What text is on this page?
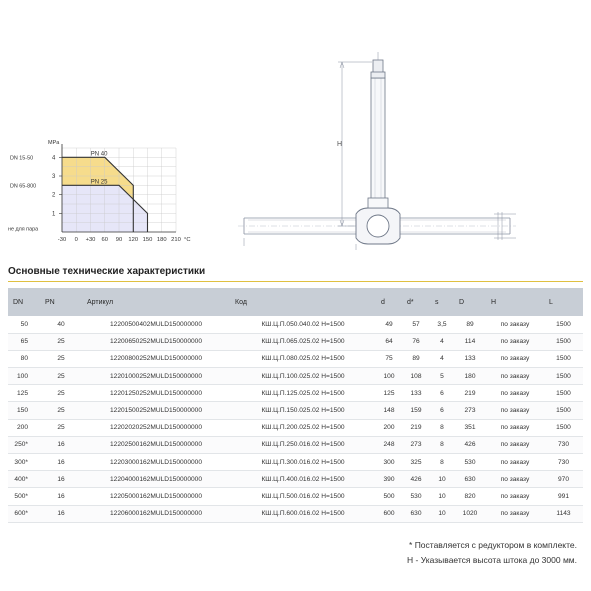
PN 40
PN 25
1
2
3
4
MPa
-30 0 +30 60 90 120 150 180 210 °C
DN 15-50
DN 65-800
не для пара
H
Основные технические характеристики
DN	PN	Артикул	Код	d	d*	s	D	H	L
50	40	12200500402MULD150000000	КШ.Ц.П.050.040.02 H=1500	49	57	3,5	89	по заказу	1500
65	25	12200650252MULD150000000	КШ.Ц.П.065.025.02 H=1500	64	76	4	114	по заказу	1500
80	25	12200800252MULD150000000	КШ.Ц.П.080.025.02 H=1500	75	89	4	133	по заказу	1500
100	25	12201000252MULD150000000	КШ.Ц.П.100.025.02 H=1500	100	108	5	180	по заказу	1500
125	25	12201250252MULD150000000	КШ.Ц.П.125.025.02 H=1500	125	133	6	219	по заказу	1500
150	25	12201500252MULD150000000	КШ.Ц.П.150.025.02 H=1500	148	159	6	273	по заказу	1500
200	25	12202020252MULD150000000	КШ.Ц.П.200.025.02 H=1500	200	219	8	351	по заказу	1500
250*	16	12202500162MULD150000000	КШ.Ц.П.250.016.02 H=1500	248	273	8	426	по заказу	730
300*	16	12203000162MULD150000000	КШ.Ц.П.300.016.02 H=1500	300	325	8	530	по заказу	730
400*	16	12204000162MULD150000000	КШ.Ц.П.400.016.02 H=1500	390	426	10	630	по заказу	970
500*	16	12205000162MULD150000000	КШ.Ц.П.500.016.02 H=1500	500	530	10	820	по заказу	991
600*	16	12206000162MULD150000000	КШ.Ц.П.600.016.02 H=1500	600	630	10	1020	по заказу	1143
* Поставляется с редуктором в комплекте.
H - Указывается высота штока до 3000 мм.
